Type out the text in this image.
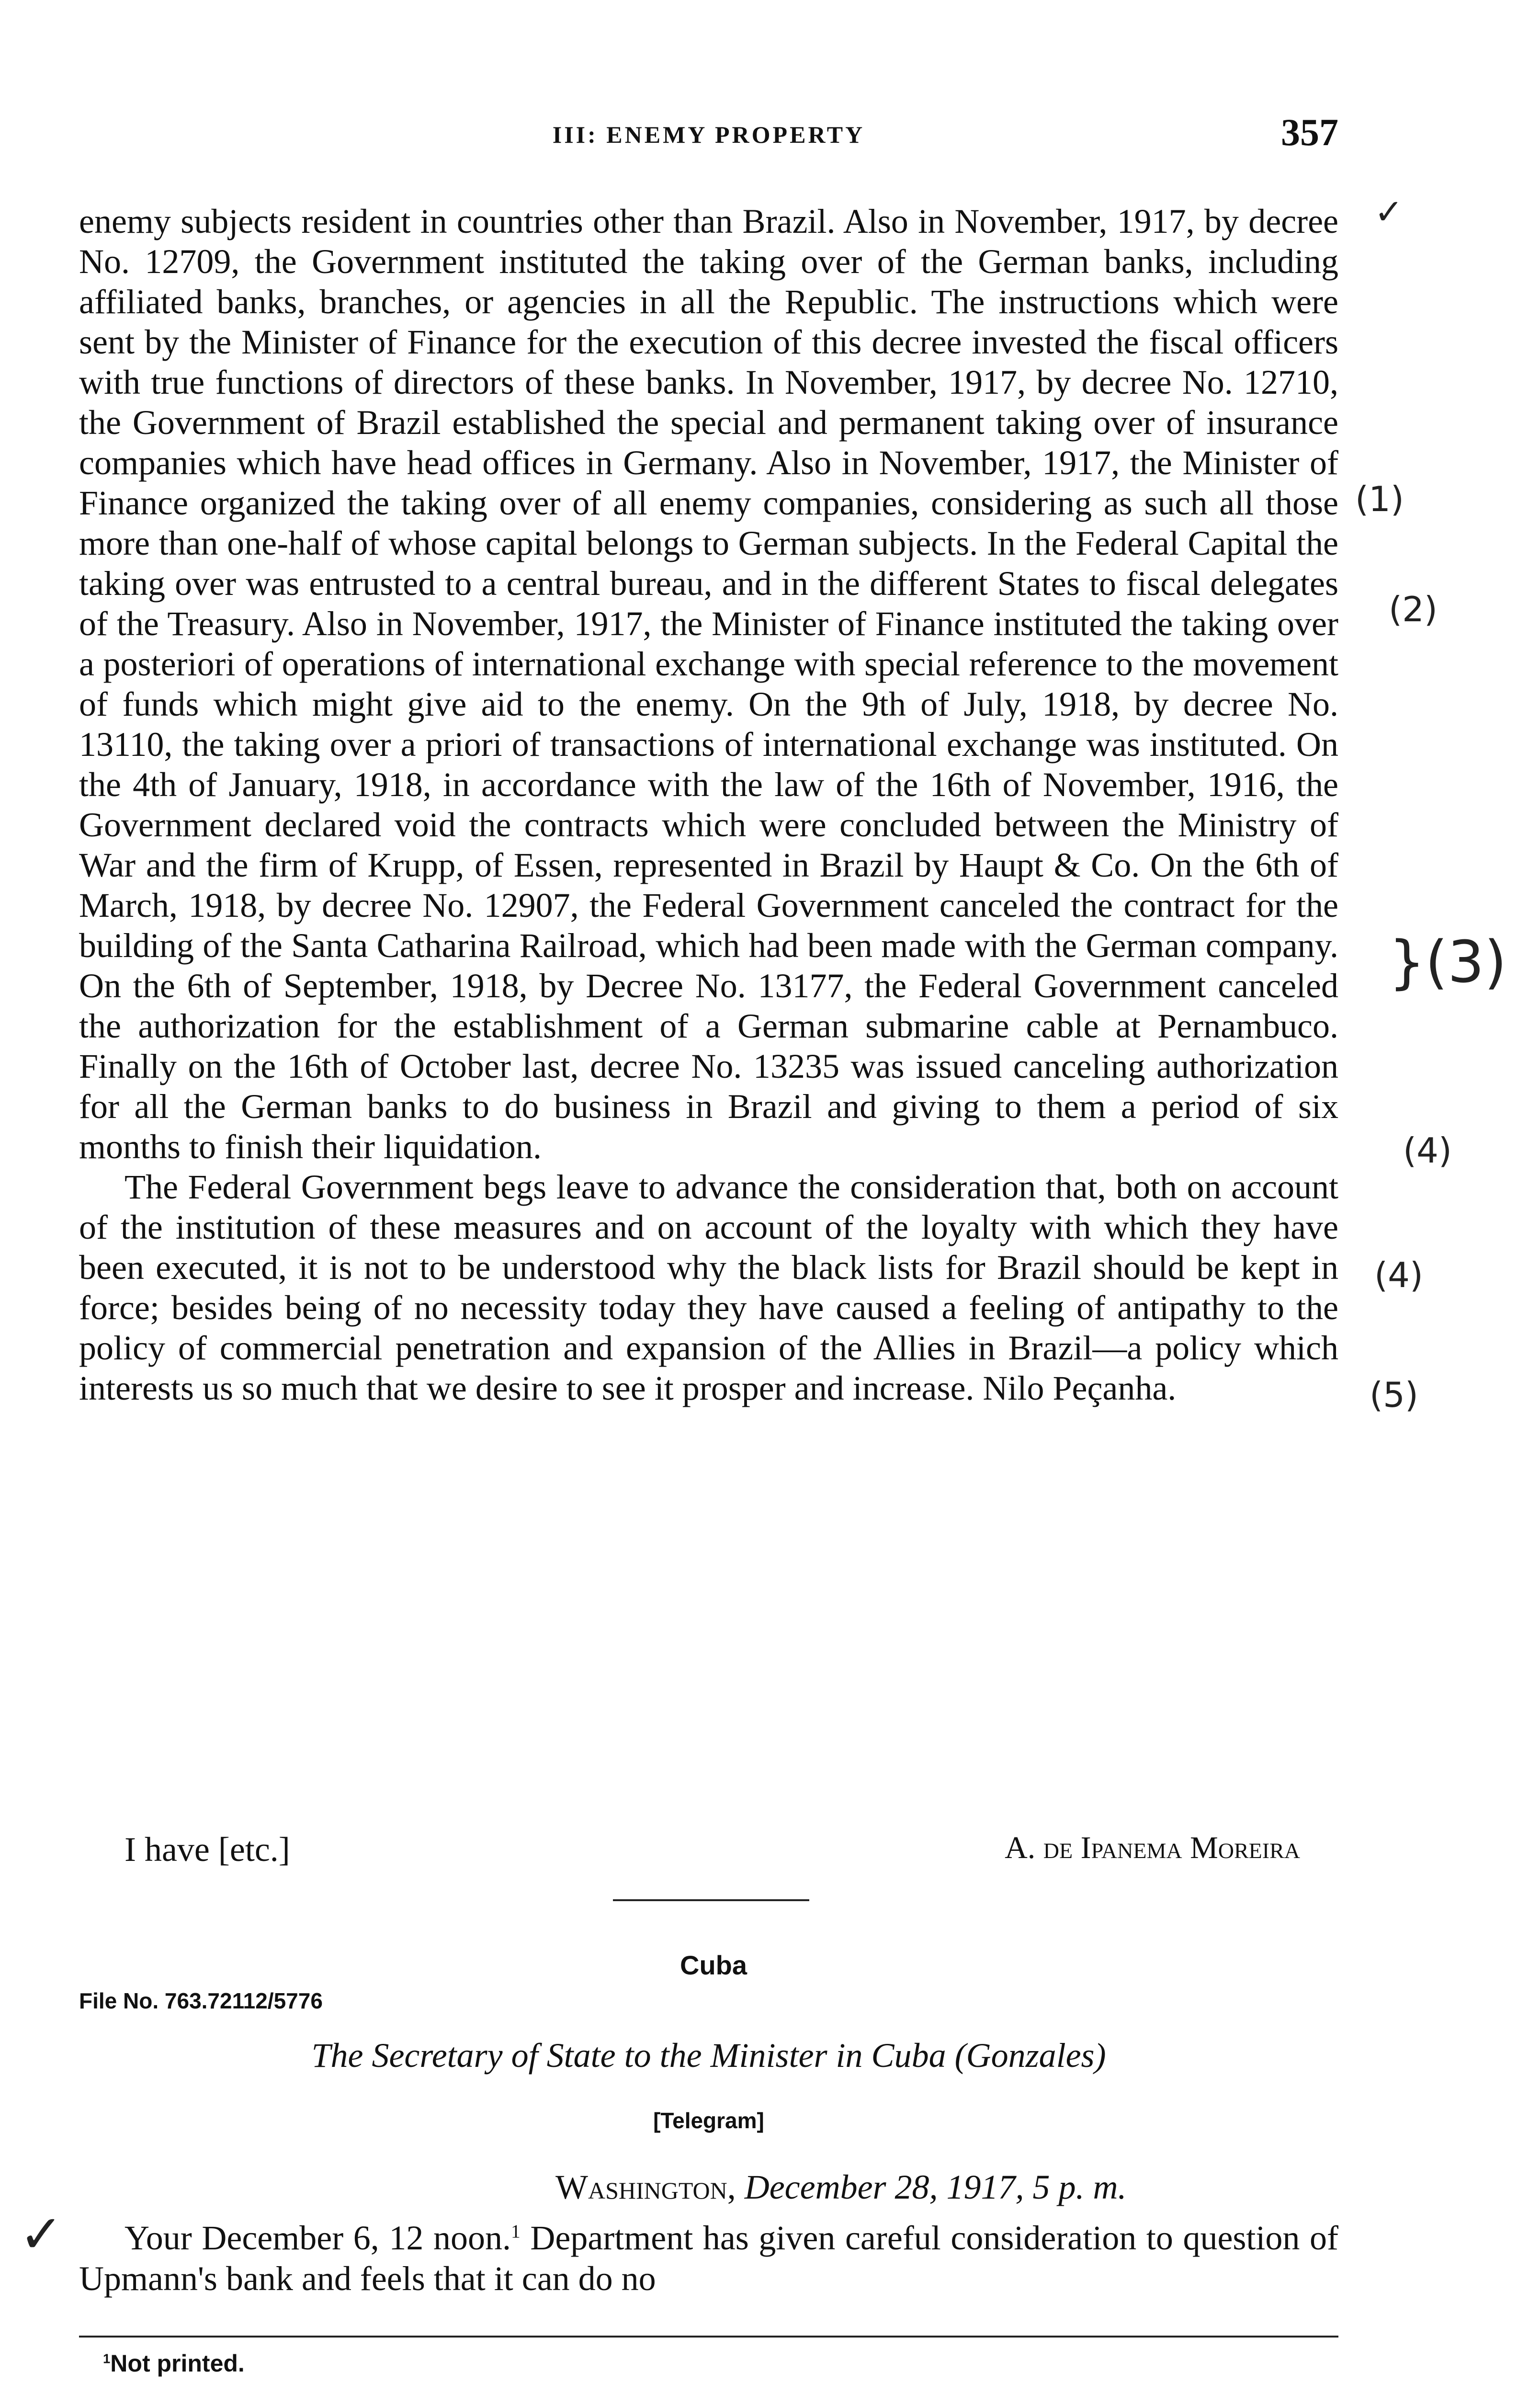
III: ENEMY PROPERTY	357

enemy subjects resident in countries other than Brazil. Also in November, 1917, by decree No. 12709, the Government instituted the taking over of the German banks, including affiliated banks, branches, or agencies in all the Republic. The instructions which were sent by the Minister of Finance for the execution of this decree invested the fiscal officers with true functions of directors of these banks. In November, 1917, by decree No. 12710, the Government of Brazil established the special and permanent taking over of insurance companies which have head offices in Germany. Also in November, 1917, the Minister of Finance organized the taking over of all enemy companies, considering as such all those more than one-half of whose capital belongs to German subjects. In the Federal Capital the taking over was entrusted to a central bureau, and in the different States to fiscal delegates of the Treasury. Also in November, 1917, the Minister of Finance instituted the taking over a posteriori of operations of international exchange with special reference to the movement of funds which might give aid to the enemy. On the 9th of July, 1918, by decree No. 13110, the taking over a priori of transactions of international exchange was instituted. On the 4th of January, 1918, in accordance with the law of the 16th of November, 1916, the Government declared void the contracts which were concluded between the Ministry of War and the firm of Krupp, of Essen, represented in Brazil by Haupt & Co. On the 6th of March, 1918, by decree No. 12907, the Federal Government canceled the contract for the building of the Santa Catharina Railroad, which had been made with the German company. On the 6th of September, 1918, by Decree No. 13177, the Federal Government canceled the authorization for the establishment of a German submarine cable at Pernambuco. Finally on the 16th of October last, decree No. 13235 was issued canceling authorization for all the German banks to do business in Brazil and giving to them a period of six months to finish their liquidation.

The Federal Government begs leave to advance the consideration that, both on account of the institution of these measures and on account of the loyalty with which they have been executed, it is not to be understood why the black lists for Brazil should be kept in force; besides being of no necessity today they have caused a feeling of antipathy to the policy of commercial penetration and expansion of the Allies in Brazil—a policy which interests us so much that we desire to see it prosper and increase. Nilo Peçanha.

I have [etc.]	A. de Ipanema Moreira
Cuba
File No. 763.72112/5776
The Secretary of State to the Minister in Cuba (Gonzales)
[Telegram]
Washington, December 28, 1917, 5 p. m.

Your December 6, 12 noon.$^1$ Department has given careful consideration to question of Upmann's bank and feels that it can do no

$^1$Not printed.
✓
(1)
(2)
}(3)
(4)
(4)
(5)
✓
